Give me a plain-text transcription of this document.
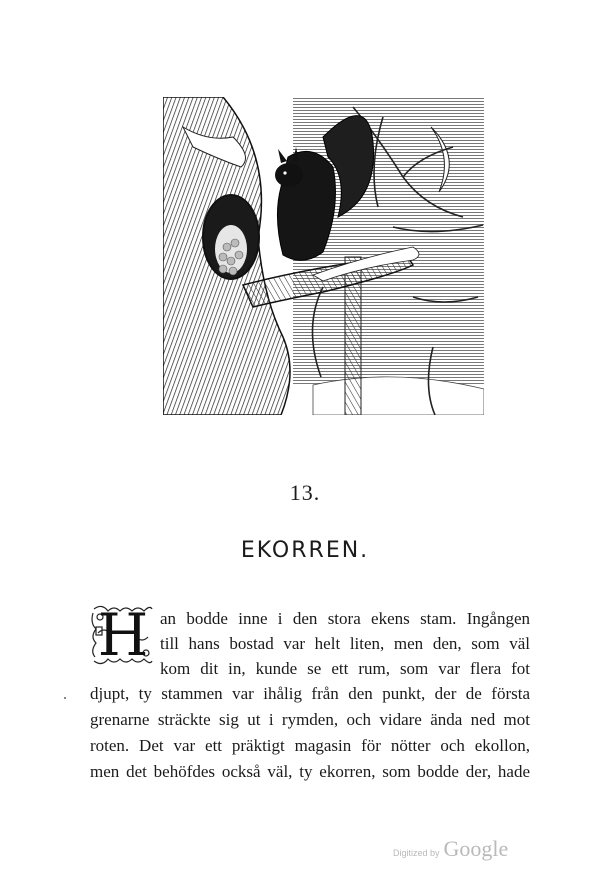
13.
EKORREN.
H an bodde inne i den stora ekens stam. Ingången
till hans bostad var helt liten, men den, som väl
kom dit in, kunde se ett rum, som var flera fot
djupt, ty stammen var ihålig från den punkt, der de första
grenarne sträckte sig ut i rymden, och vidare ända ned mot
roten. Det var ett präktigt magasin för nötter och ekollon,
men det behöfdes också väl, ty ekorren, som bodde der, hade
Digitized by Google
